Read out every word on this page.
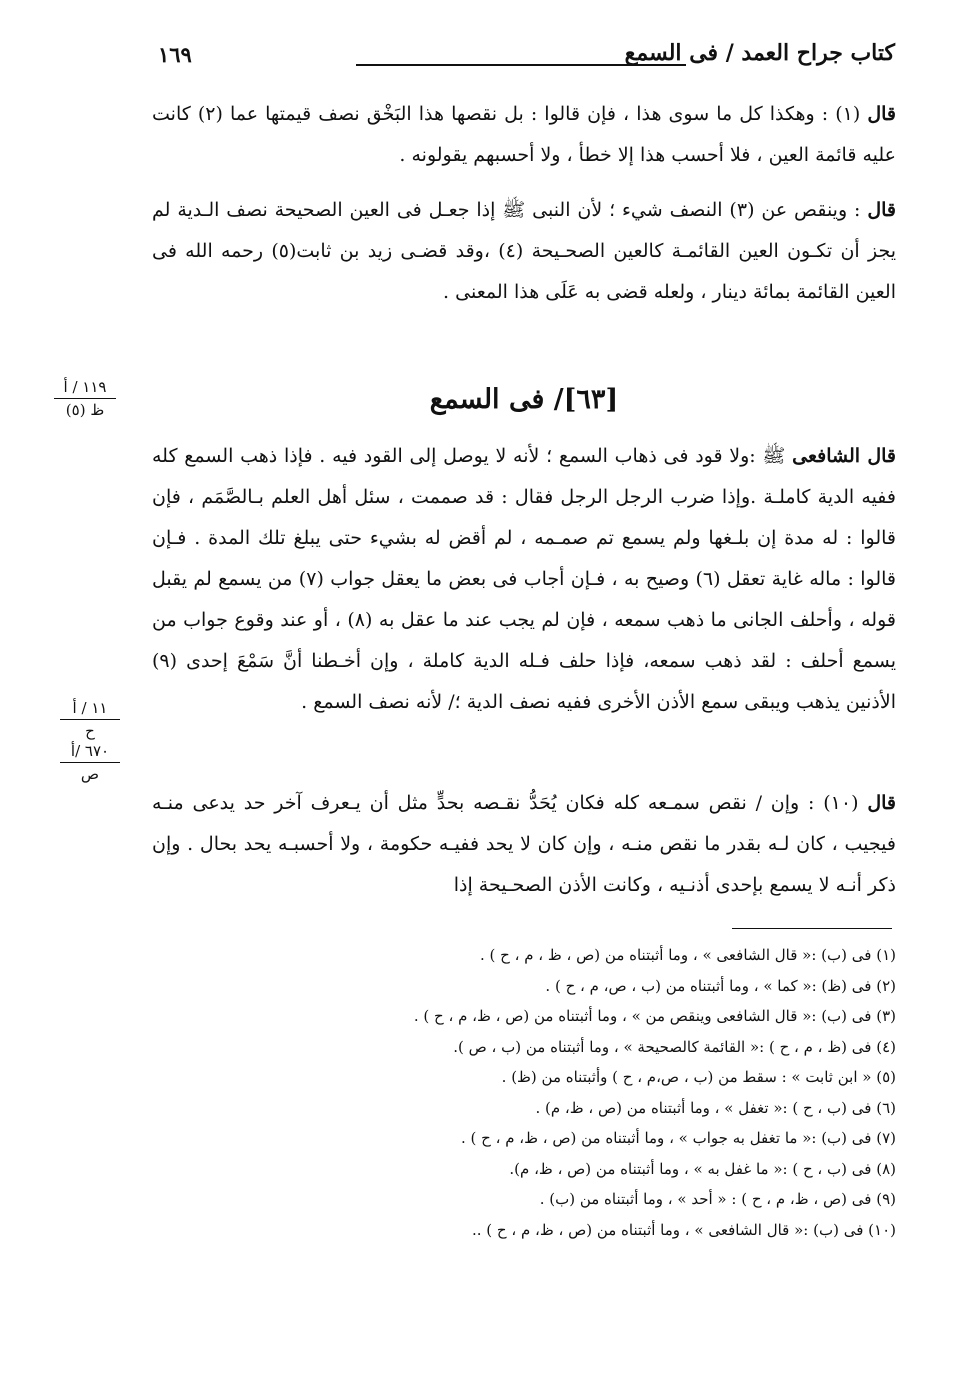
١٦٩	كتاب جراح العمد / فى السمع

قال (١) : وهكذا كل ما سوى هذا ، فإن قالوا : بل نقصها هذا البَخْق نصف قيمتها عما (٢) كانت عليه قائمة العين ، فلا أحسب هذا إلا خطأ ، ولا أحسبهم يقولونه .

قال : وينقص عن (٣) النصف شيء ؛ لأن النبى ﷺ إذا جعـل فى العين الصحيحة نصف الـدية لم يجز أن تكـون العين القائمـة كالعين الصحـيحة (٤) ،وقد قضـى زيد بن ثابت(٥) رحمه الله فى العين القائمة بمائة دينار ، ولعله قضى به عَلَى هذا المعنى .

١١٩ / أ
ظ (٥)	[٦٣]/ فى السمع

قال الشافعى ﷺ :ولا قود فى ذهاب السمع ؛ لأنه لا يوصل إلى القود فيه . فإذا ذهب السمع كله ففيه الدية كاملـة .وإذا ضرب الرجل الرجل فقال : قد صممت ، سئل أهل العلم بـالصَّمَم ، فإن قالوا : له مدة إن بلـغها ولم يسمع تم صمـمه ، لم أقض له بشيء حتى يبلغ تلك المدة . فـإن قالوا : ماله غاية تعقل (٦) وصيح به ، فـإن أجاب فى بعض ما يعقل جواب (٧) من يسمع لم يقبل قوله ، وأحلف الجانى ما ذهب سمعه ، فإن لم يجب عند ما عقل به (٨) ، أو عند وقوع جواب من يسمع أحلف : لقد ذهب سمعه، فإذا حلف فـله الدية كاملة ، وإن أخـطنا أنَّ سَمْعَ إحدى (٩) الأذنين يذهب ويبقى سمع الأذن الأخرى ففيه نصف الدية ؛/ لأنه نصف السمع .

١١ / أ
ح
٦٧٠ /أ
ص

قال (١٠) : وإن / نقص سمـعه كله فكان يُحَدُّ نقـصه بحدٍّ مثل أن يـعرف آخر حد يدعى منـه فيجيب ، كان لـه بقدر ما نقص منـه ، وإن كان لا يحد ففيـه حكومة ، ولا أحسبـه يحد بحال . وإن ذكر أنـه لا يسمع بإحدى أذنـيه ، وكانت الأذن الصحـيحة إذا

(١) فى (ب) :« قال الشافعى » ، وما أثبتناه من (ص ، ظ ، م ، ح ) .
(٢) فى (ظ) :« كما » ، وما أثبتناه من (ب ، ص، م ، ح ) .
(٣) فى (ب) :« قال الشافعى وينقص من » ، وما أثبتناه من (ص ، ظ، م ، ح ) .
(٤) فى (ظ ، م ، ح ) :« القائمة كالصحيحة » ، وما أثبتناه من (ب ، ص ).
(٥) « ابن ثابت » : سقط من (ب ، ص،م ، ح ) وأثبتناه من (ظ) .
(٦) فى (ب ، ح ) :« تغفل » ، وما أثبتناه من (ص ، ظ، م) .
(٧) فى (ب) :« ما تغفل به جواب » ، وما أثبتناه من (ص ، ظ، م ، ح ) .
(٨) فى (ب ، ح ) :« ما غفل به » ، وما أثبتناه من (ص ، ظ، م).
(٩) فى (ص ، ظ، م ، ح ) : « أحد » ، وما أثبتناه من (ب) .
(١٠) فى (ب) :« قال الشافعى » ، وما أثبتناه من (ص ، ظ، م ، ح ) ..
